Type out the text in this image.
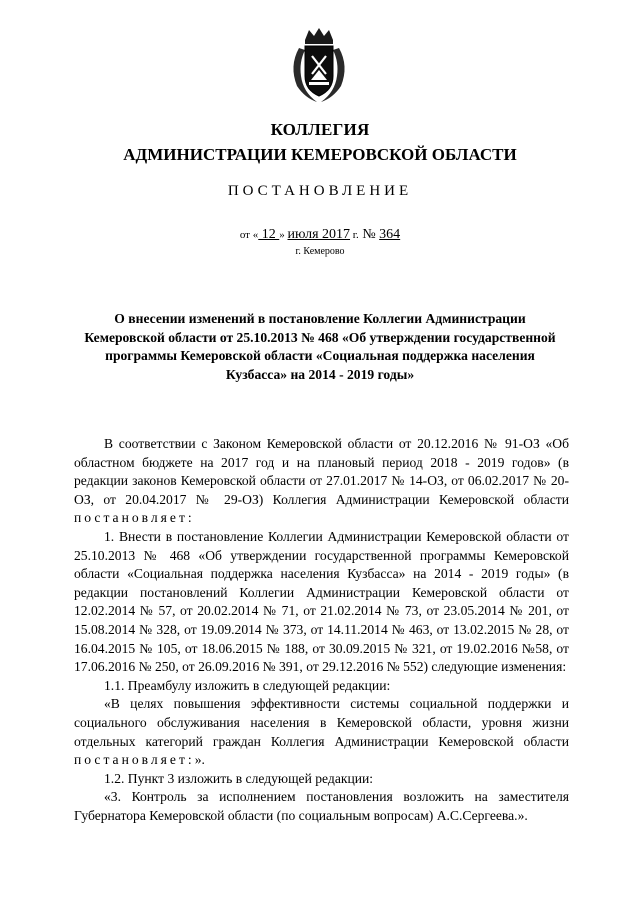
КОЛЛЕГИЯ
АДМИНИСТРАЦИИ КЕМЕРОВСКОЙ ОБЛАСТИ
ПОСТАНОВЛЕНИЕ
от « 12 » июля 2017 г. № 364
г. Кемерово
О внесении изменений в постановление Коллегии Администрации Кемеровской области от 25.10.2013 № 468 «Об утверждении государственной программы Кемеровской области «Социальная поддержка населения Кузбасса» на 2014 - 2019 годы»

В соответствии с Законом Кемеровской области от 20.12.2016 № 91-ОЗ «Об областном бюджете на 2017 год и на плановый период 2018 - 2019 годов» (в редакции законов Кемеровской области от 27.01.2017 № 14-ОЗ, от 06.02.2017 № 20-ОЗ, от 20.04.2017 № 29-ОЗ) Коллегия Администрации Кемеровской области постановляет:

1. Внести в постановление Коллегии Администрации Кемеровской области от 25.10.2013 № 468 «Об утверждении государственной программы Кемеровской области «Социальная поддержка населения Кузбасса» на 2014 - 2019 годы» (в редакции постановлений Коллегии Администрации Кемеровской области от 12.02.2014 № 57, от 20.02.2014 № 71, от 21.02.2014 № 73, от 23.05.2014 № 201, от 15.08.2014 № 328, от 19.09.2014 № 373, от 14.11.2014 № 463, от 13.02.2015 № 28, от 16.04.2015 № 105, от 18.06.2015 № 188, от 30.09.2015 № 321, от 19.02.2016 №58, от 17.06.2016 № 250, от 26.09.2016 № 391, от 29.12.2016 № 552) следующие изменения:

1.1. Преамбулу изложить в следующей редакции:

«В целях повышения эффективности системы социальной поддержки и социального обслуживания населения в Кемеровской области, уровня жизни отдельных категорий граждан Коллегия Администрации Кемеровской области постановляет:».

1.2. Пункт 3 изложить в следующей редакции:

«3. Контроль за исполнением постановления возложить на заместителя Губернатора Кемеровской области (по социальным вопросам) А.С.Сергеева.».
